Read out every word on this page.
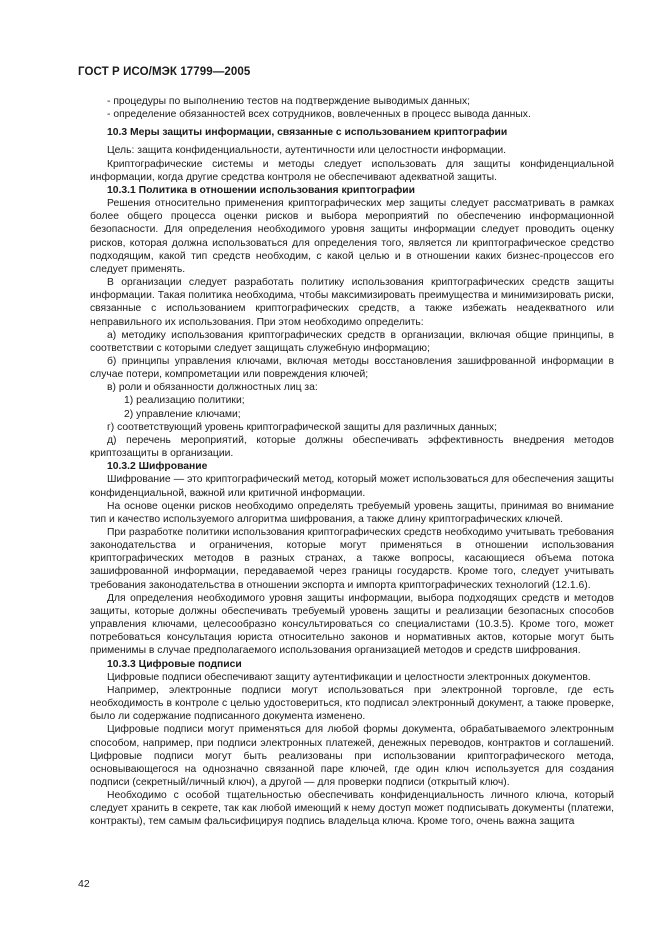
ГОСТ Р ИСО/МЭК 17799—2005

- процедуры по выполнению тестов на подтверждение выводимых данных;

- определение обязанностей всех сотрудников, вовлеченных в процесс вывода данных.

10.3 Меры защиты информации, связанные с использованием криптографии

Цель: защита конфиденциальности, аутентичности или целостности информации.

Криптографические системы и методы следует использовать для защиты конфиденциальной информации, когда другие средства контроля не обеспечивают адекватной защиты.

10.3.1 Политика в отношении использования криптографии

Решения относительно применения криптографических мер защиты следует рассматривать в рамках более общего процесса оценки рисков и выбора мероприятий по обеспечению информационной безопасности. Для определения необходимого уровня защиты информации следует проводить оценку рисков, которая должна использоваться для определения того, является ли криптографическое средство подходящим, какой тип средств необходим, с какой целью и в отношении каких бизнес-процессов его следует применять.

В организации следует разработать политику использования криптографических средств защиты информации. Такая политика необходима, чтобы максимизировать преимущества и минимизировать риски, связанные с использованием криптографических средств, а также избежать неадекватного или неправильного их использования. При этом необходимо определить:

а) методику использования криптографических средств в организации, включая общие принципы, в соответствии с которыми следует защищать служебную информацию;

б) принципы управления ключами, включая методы восстановления зашифрованной информации в случае потери, компрометации или повреждения ключей;

в) роли и обязанности должностных лиц за:

1) реализацию политики;

2) управление ключами;

г) соответствующий уровень криптографической защиты для различных данных;

д) перечень мероприятий, которые должны обеспечивать эффективность внедрения методов криптозащиты в организации.

10.3.2 Шифрование

Шифрование — это криптографический метод, который может использоваться для обеспечения защиты конфиденциальной, важной или критичной информации.

На основе оценки рисков необходимо определять требуемый уровень защиты, принимая во внимание тип и качество используемого алгоритма шифрования, а также длину криптографических ключей.

При разработке политики использования криптографических средств необходимо учитывать требования законодательства и ограничения, которые могут применяться в отношении использования криптографических методов в разных странах, а также вопросы, касающиеся объема потока зашифрованной информации, передаваемой через границы государств. Кроме того, следует учитывать требования законодательства в отношении экспорта и импорта криптографических технологий (12.1.6).

Для определения необходимого уровня защиты информации, выбора подходящих средств и методов защиты, которые должны обеспечивать требуемый уровень защиты и реализации безопасных способов управления ключами, целесообразно консультироваться со специалистами (10.3.5). Кроме того, может потребоваться консультация юриста относительно законов и нормативных актов, которые могут быть применимы в случае предполагаемого использования организацией методов и средств шифрования.

10.3.3 Цифровые подписи

Цифровые подписи обеспечивают защиту аутентификации и целостности электронных документов.

Например, электронные подписи могут использоваться при электронной торговле, где есть необходимость в контроле с целью удостовериться, кто подписал электронный документ, а также проверке, было ли содержание подписанного документа изменено.

Цифровые подписи могут применяться для любой формы документа, обрабатываемого электронным способом, например, при подписи электронных платежей, денежных переводов, контрактов и соглашений. Цифровые подписи могут быть реализованы при использовании криптографического метода, основывающегося на однозначно связанной паре ключей, где один ключ используется для создания подписи (секретный/личный ключ), а другой — для проверки подписи (открытый ключ).

Необходимо с особой тщательностью обеспечивать конфиденциальность личного ключа, который следует хранить в секрете, так как любой имеющий к нему доступ может подписывать документы (платежи, контракты), тем самым фальсифицируя подпись владельца ключа. Кроме того, очень важна защита

42
